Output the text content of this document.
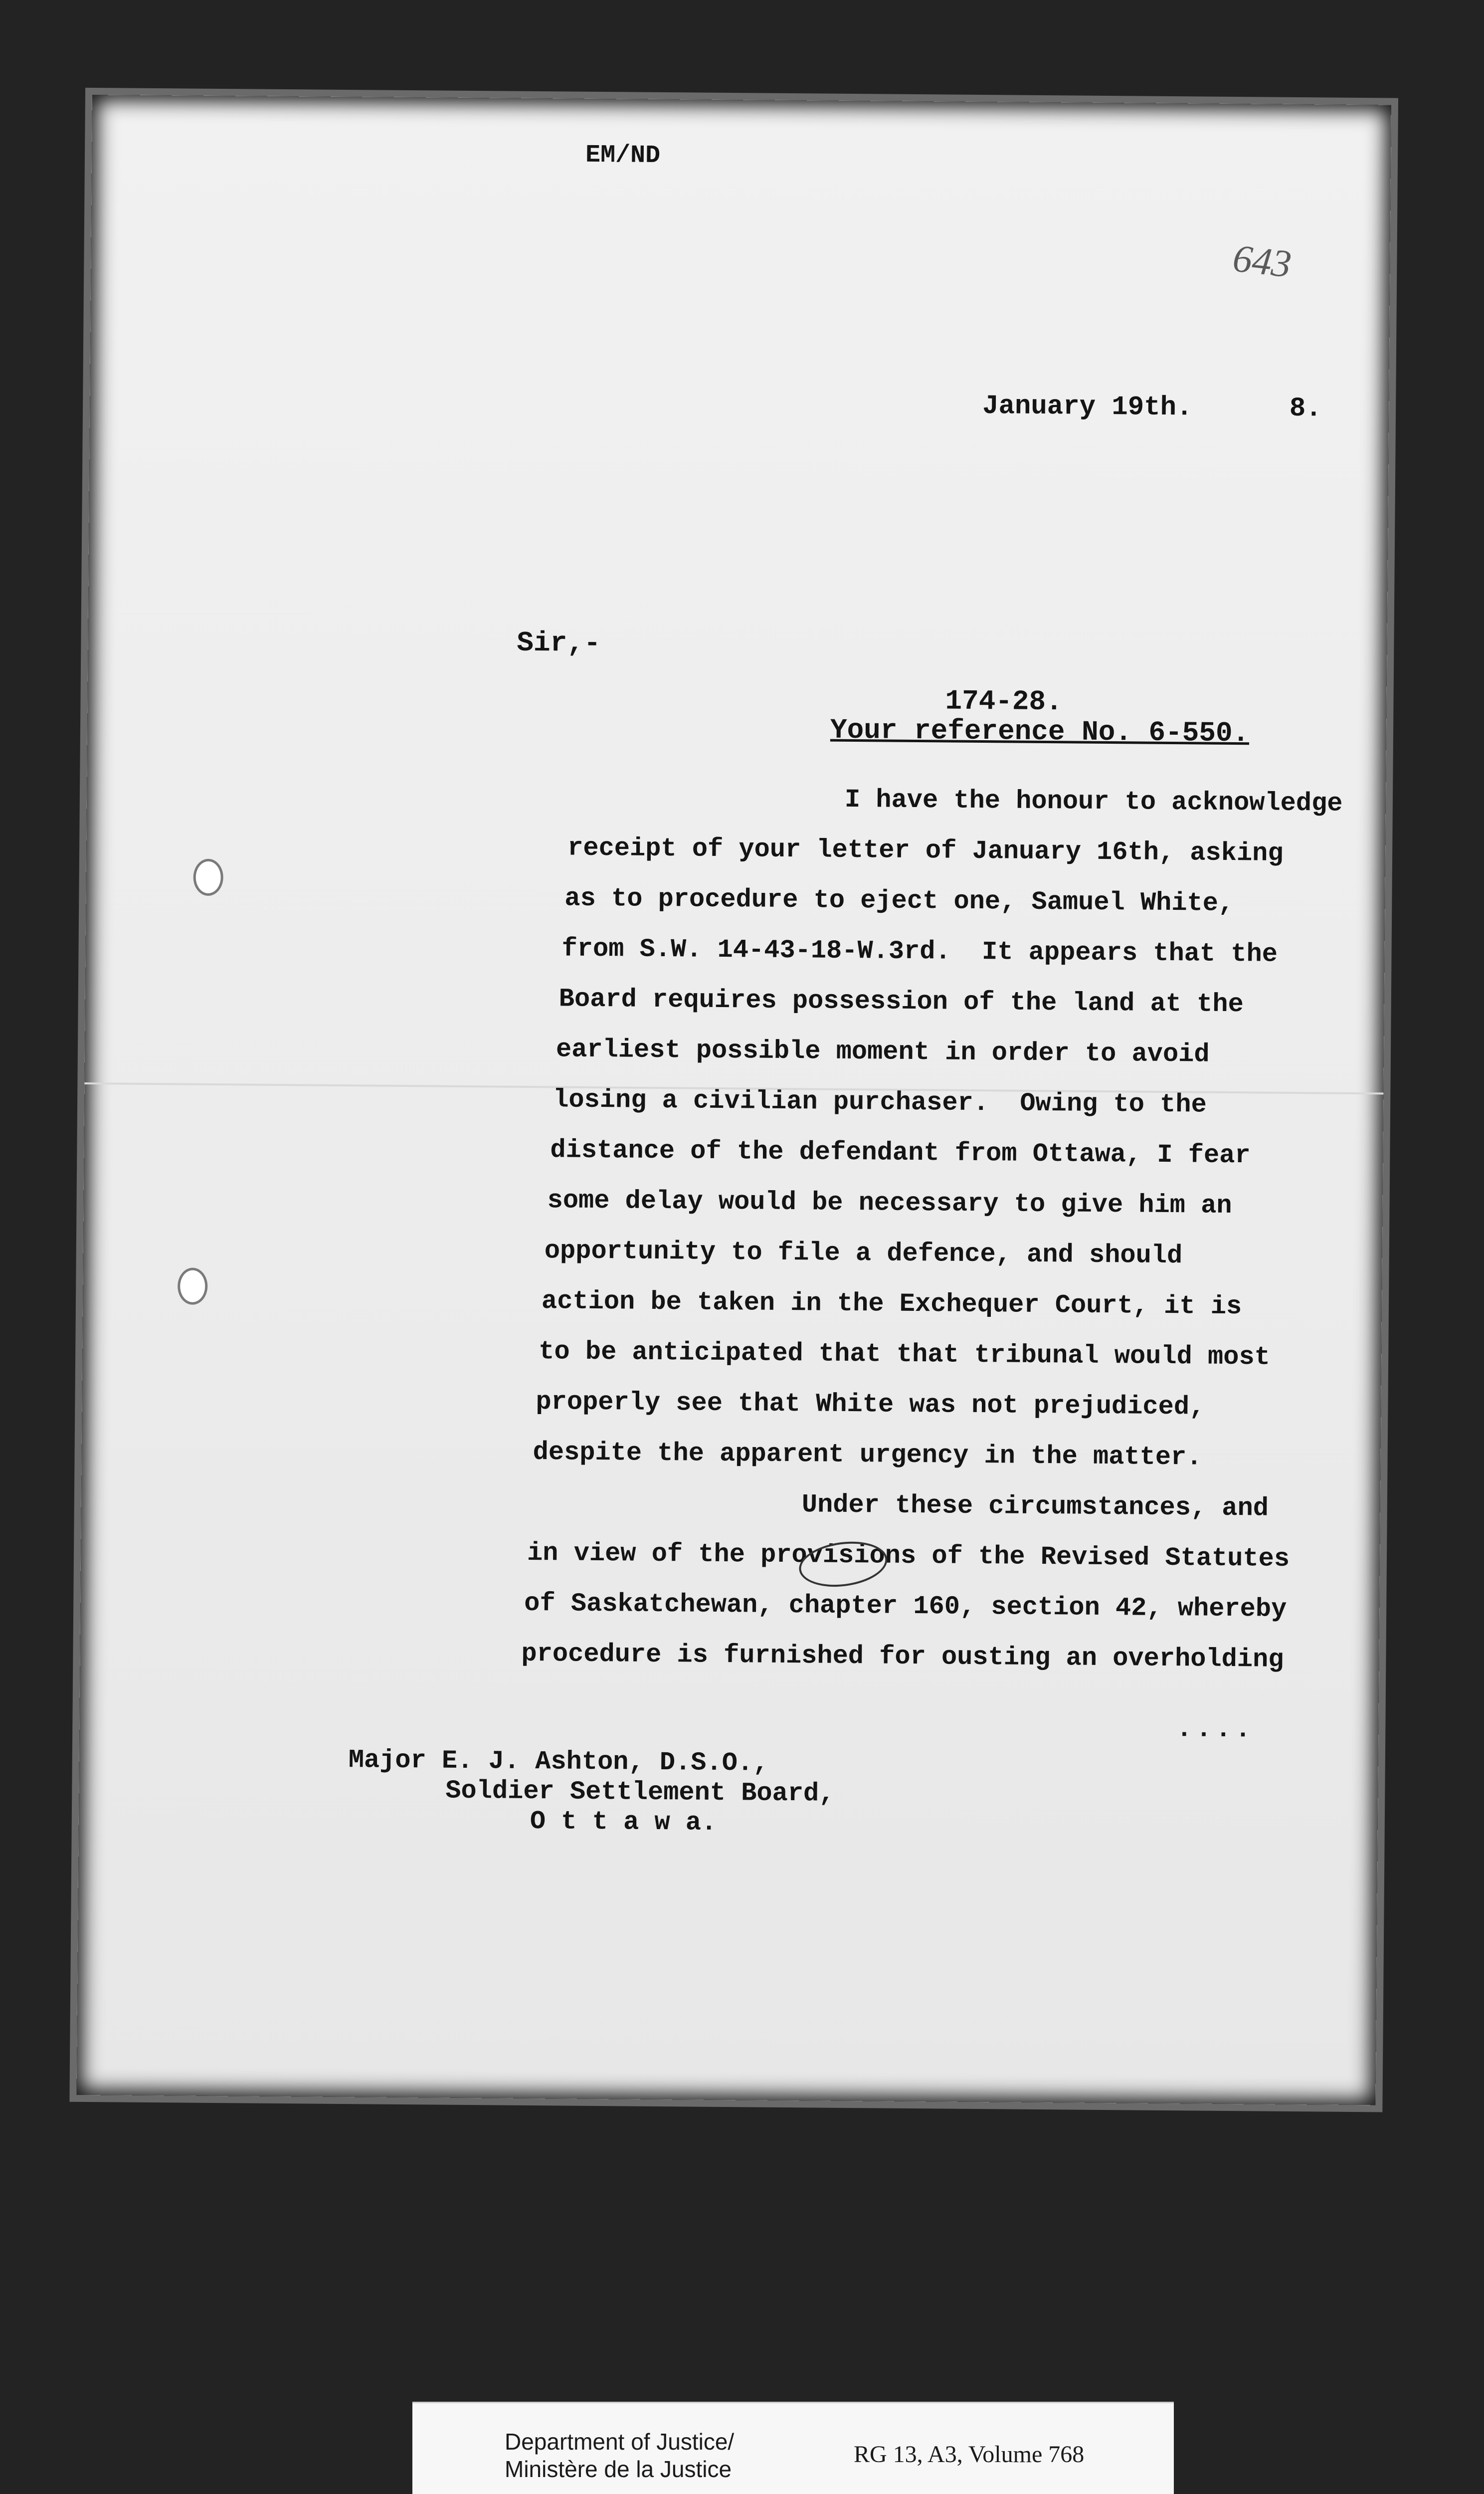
EM/ND
643
January 19th.      8.
Sir,-
174-28.
Your reference No. 6-550.
I have the honour to acknowledge
receipt of your letter of January 16th, asking
as to procedure to eject one, Samuel White,
from S.W. 14-43-18-W.3rd.  It appears that the
Board requires possession of the land at the
earliest possible moment in order to avoid
losing a civilian purchaser.  Owing to the
distance of the defendant from Ottawa, I fear
some delay would be necessary to give him an
opportunity to file a defence, and should
action be taken in the Exchequer Court, it is
to be anticipated that that tribunal would most
properly see that White was not prejudiced,
despite the apparent urgency in the matter.
Under these circumstances, and
in view of the provisions of the Revised Statutes
of Saskatchewan, chapter 160, section 42, whereby
procedure is furnished for ousting an overholding
....
Major E. J. Ashton, D.S.O.,
Soldier Settlement Board,
O t t a w a.
Department of Justice/
Ministère de la Justice
RG 13, A3, Volume 768
